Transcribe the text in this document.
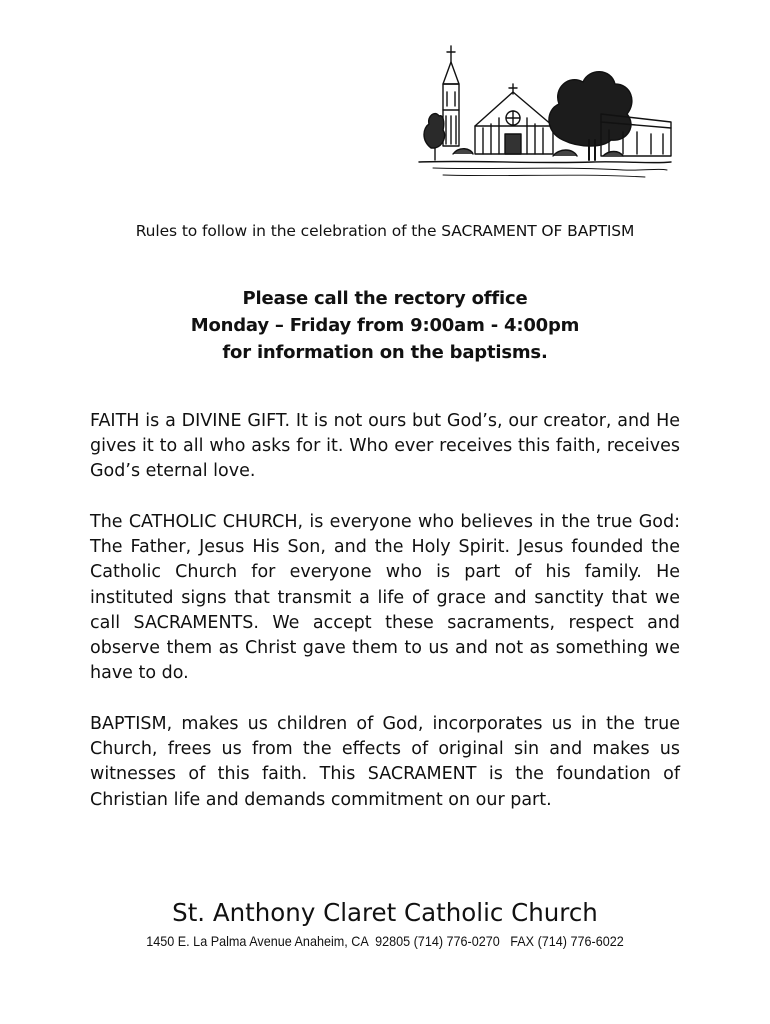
Rules to follow in the celebration of the SACRAMENT OF BAPTISM
Please call the rectory office
Monday – Friday from 9:00am - 4:00pm
for information on the baptisms.

FAITH is a DIVINE GIFT. It is not ours but God’s, our creator, and He gives it to all who asks for it. Who ever receives this faith, receives God’s eternal love.

The CATHOLIC CHURCH, is everyone who believes in the true God: The Father, Jesus His Son, and the Holy Spirit. Jesus founded the Catholic Church for everyone who is part of his family. He instituted signs that transmit a life of grace and sanctity that we call SACRAMENTS. We accept these sacraments, respect and observe them as Christ gave them to us and not as something we have to do.

BAPTISM, makes us children of God, incorporates us in the true Church, frees us from the effects of original sin and makes us witnesses of this faith. This SACRAMENT is the foundation of Christian life and demands commitment on our part.

St. Anthony Claret Catholic Church
1450 E. La Palma Avenue Anaheim, CA  92805 (714) 776-0270   FAX (714) 776-6022
